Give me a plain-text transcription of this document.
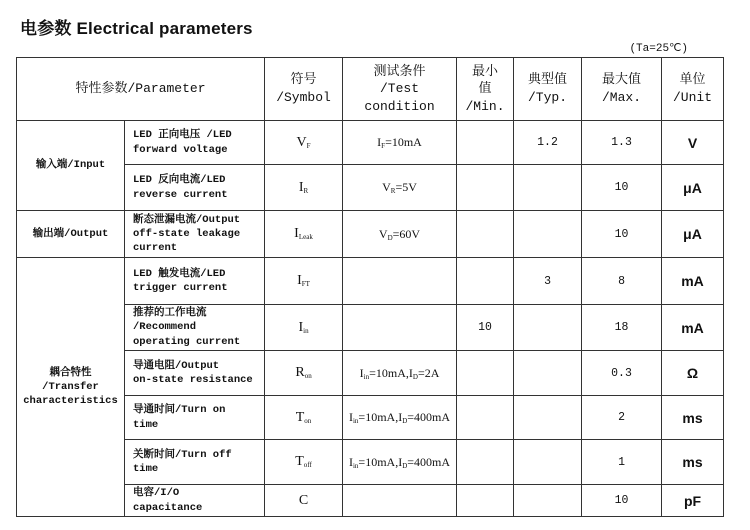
电参数 Electrical parameters
(Ta=25℃)
特性参数/Parameter		符号
/Symbol	测试条件
/Test
condition	最小
值
/Min.	典型值
/Typ.	最大值
/Max.	单位
/Unit

输入端/Input	LED 正向电压 /LED
forward voltage	$V_F$	$I_F=10mA$		1.2	1.3	V

	LED 反向电流/LED
reverse current	$I_R$	$V_R=5V$			10	μA

输出端/Output	断态泄漏电流/Output
off-state leakage
current	$I_{Leak}$	$V_D=60V$			10	μA

耦合特性
/Transfer
characteristics	LED 触发电流/LED
trigger current	$I_{FT}$			3	8	mA

	推荐的工作电流
/Recommend
operating current	$I_{in}$		10		18	mA

	导通电阻/Output
on-state resistance	$R_{on}$	$I_{in}=10mA,I_D=2A$			0.3	Ω

	导通时间/Turn on
time	$T_{on}$	$I_{in}=10mA,I_D=400mA$			2	ms

	关断时间/Turn off
time	$T_{off}$	$I_{in}=10mA,I_D=400mA$			1	ms

	电容/I/O
capacitance	C				10	pF
